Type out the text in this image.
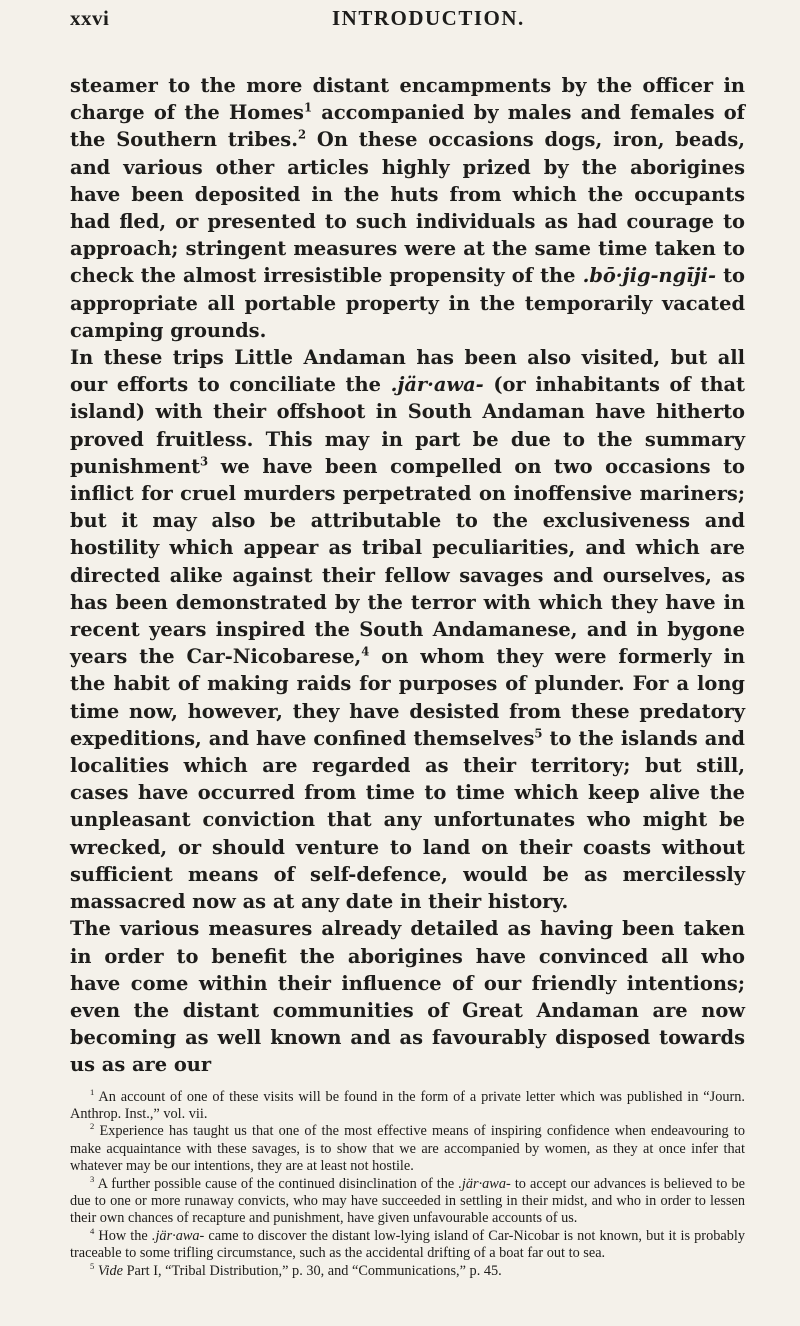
xxvi	INTRODUCTION.

steamer to the more distant encampments by the officer in charge of the Homes$^1$ accompanied by males and females of the Southern tribes.$^2$ On these occasions dogs, iron, beads, and various other articles highly prized by the aborigines have been deposited in the huts from which the occupants had fled, or presented to such individuals as had courage to approach; stringent measures were at the same time taken to check the almost irresistible propensity of the .bō·jig-ngi̇̄ji- to appropriate all portable property in the temporarily vacated camping grounds.

In these trips Little Andaman has been also visited, but all our efforts to conciliate the .jär·awa- (or inhabitants of that island) with their offshoot in South Andaman have hitherto proved fruitless. This may in part be due to the summary punishment$^3$ we have been compelled on two occasions to inflict for cruel murders perpetrated on inoffensive mariners; but it may also be attributable to the exclusiveness and hostility which appear as tribal peculiarities, and which are directed alike against their fellow savages and ourselves, as has been demonstrated by the terror with which they have in recent years inspired the South Andamanese, and in bygone years the Car-Nicobarese,$^4$ on whom they were formerly in the habit of making raids for purposes of plunder. For a long time now, however, they have desisted from these predatory expeditions, and have confined themselves$^5$ to the islands and localities which are regarded as their territory; but still, cases have occurred from time to time which keep alive the unpleasant conviction that any unfortunates who might be wrecked, or should venture to land on their coasts without sufficient means of self-defence, would be as mercilessly massacred now as at any date in their history.

The various measures already detailed as having been taken in order to benefit the aborigines have convinced all who have come within their influence of our friendly intentions; even the distant communities of Great Andaman are now becoming as well known and as favourably disposed towards us as are our

$^1$ An account of one of these visits will be found in the form of a private letter which was published in “Journ. Anthrop. Inst.,” vol. vii.

$^2$ Experience has taught us that one of the most effective means of inspiring confidence when endeavouring to make acquaintance with these savages, is to show that we are accompanied by women, as they at once infer that whatever may be our intentions, they are at least not hostile.

$^3$ A further possible cause of the continued disinclination of the .jär·awa- to accept our advances is believed to be due to one or more runaway convicts, who may have succeeded in settling in their midst, and who in order to lessen their own chances of recapture and punishment, have given unfavourable accounts of us.

$^4$ How the .jär·awa- came to discover the distant low-lying island of Car-Nicobar is not known, but it is probably traceable to some trifling circumstance, such as the accidental drifting of a boat far out to sea.

$^5$ Vide Part I, “Tribal Distribution,” p. 30, and “Communications,” p. 45.
